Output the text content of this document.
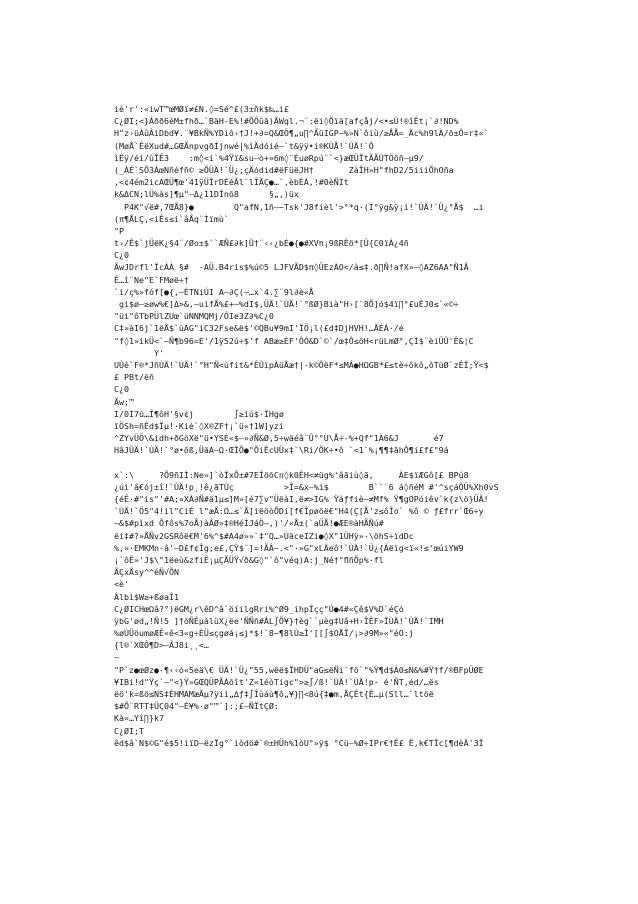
iè'r':«iwT™œMØï≠£N.◊=Sé^£(3±ñk$‰…i£
C¿ØI;<}Áðð6èM±fhð…`BäH-E%!#ÕÔûã)ÃWql.¬¨:ëi◊Õïä[afçåj/<•≤Ù!®îÊt¡`∂!ND%
H"z›üÀûÂiDbd¥.¨¥BkÑ%YDiô›†J!+∂=Q&ŒÔ¶„u∏^ÃüIGP–%»N`ôiù/≥ÅÅ=_Äc%h9lÀ/ō±Ô=r‡«`
(MøÅ`ÊëXud#…GŒÃnpvgðÍjnwé|%ìÄdóié–`t&ÿÿ•i®KÙÅ!`ÙÄ!`Ô
ìÊÿ/éi/ùÎÊ3    :m◊<i`%4Ÿï&su–ò+»6m◊¨ÈuøRpú¨`<}æŒÜÏtÃÃÚTÖöñ–µ9/
(_ÀÉ`SÕ3ÀœNñéfñ© ≥ÕÜÄ!`Ü¿;çÄódid#ëFüëJH†       ZàÎH»H"fhD2/5iiiÕhOña
,<¢4ém2icAŒÜ¶œ'41ÿÜÎrDÉéÃl¨lÎÃÇ●…¨,èbÉÁ,!#0èÑIt
k&ΔCN;lÜ%às]¶µ"–Δ¿11DÎnõ8      §„,)üx
P4K"√ë#,7ŒÅ8}●        Q"afN,1ñ–~Tsk'J8fièl'>°*q·(I°ÿg&ÿ¡i!`ÙÄ!`Ü¿°Å$  …i
(π¶ÅLÇ,<iÊs≤i`âÅq¨Ìïmù`
"P
t›/Ê$`jÜëK¿§4¨/Øo±$¨`ÆÑ£∂k]Û†¨‹‹¿bÉ●{●#XVπ¡9ßRÊö*[Ü{C0ïÀ¿4ñ
C¿0
ÃwJDrfl'ÏcÁÁ §#  -AÜ.B4ris$%ú©5 LJFVÃD$π◊ÜEzÀO</à≤‡.ð∏Ñ!afX»–◊AZ6AA"Ñ1Ã
Ê…î¨Ne"E`FMøë÷†
`i/ç%»fóf[●{,–ÈTNiÚI A–∂Ç(–…x`4.∑¨9l∂è«Å
gi$ø–≥øw%€]Δ>&,–uifÅ%£+–%dI$,ÜÄ!`ÙÄ!`°ßØ}Bià"H›[¨8Õ]ó$4ï∏°£uÊJ0≤`«©÷
"üi"ôTbPÜlZUœ`üNNMQMj/ÔIe3Z∂%C¿0
C‡»àI6j`1ëÅ$`ùAG"iC32Fse&ë$'©QBu¥9mI'ÏÖ¡l(£d‡DjHVH!…ÃÉÁ·/é
"f◊1»ikÜ<`~Ñ¶b96=E'/1ÿ52ú÷$'f ABæ≥ÈF'ÔÓ&D`©`/œ‡Ô≤öH<rüLmØ°,ÇÌ$¨èiÜÛ'Ê&¦C
Y'
UÙè`F®*JñÙÄ!`ÙÄ!`°H"Ñ<ùfit&*ÊÛïpÀüÅæ†|-k©ÔëF*≤MÂ●HΩGB*£≤tè÷ôkô„ôTùØ`zÊÏ;Ÿ<$
£ PBt/ëñ
C¿0
Ãw;™
I/0I7ú…Î¶ôH'§v¢j        ∫≥iú$·ÏHgø
ïÖSh=ñÊd$Ïµ!·Kiè`◊X®ZF†¡`ü«†1W]yzi
^ZYvÜÖ\&idh+ðGõXë"ü•YSÉ«$–»∂Ñ&Ø,5÷wäéâ¨Û°°Ù\Å÷-%+Qf"1À6&J       é7
HâJÜÄ!`ÙÄ!`°ø•ôß,ÜäA–Ω·ŒÏÕ●"ÕiÊcUÜx‡`\Ri/ÕK÷•ô `<1`%¡¶¶‡âhÔ¶i£f£"9á
x`:\     ?Õ9ñIÌ:Ne»]`òÏxÕ±#7EÎöõCn◊k0ÊH<≠üg%'âãiù◊ã,     ÀE$ïÆGô[£ BPú8
¿úi'â€ój±î!`ÙÄ!p¸!ê¿ãTÙç          >Î=&x–%i$        B``¨6 á◊ñéM #'^sçáÕÜ%Xh0vS
{éÊ·#"is"'#A;¤XÀ∂Ñ#ä1µ≤]M»[é7∑v"ÜëàI,ë≠>IG% Ÿàƒfiè—≠Mf% Ÿ¶gOPóiê∨`k{z\ö}ÜÄ!
`ÙÄ!`Ö5"4!il"CiÉ l"æÅ:Ω…≤`Ã]iëöòÕDi[f€Îpøöë€"H4(Ç[Å'z≤ôÎo` %ô © ƒ£frr`Œ6÷y
–&$#pìxd Õfôs%7oÅ)àÂØ»‡®HéÍJáÖ–,)'/«Å±(`aÜÅ!●ÆE®àHÃÑú#
ëi‡#?»ÅÑv2GSRôë€M'6%^$#A4ø»»`‡"Q…»ÙäceIZi●◊X"1ÜHÿ»·\öhS÷ïdDc
%,»·EMKMn-â'–D£f¢Îg;e£,ÇŸ$¨]=!ÃÂ~.<"·»G"xLÄeô!`ÙÄ!`Ü¿{Àëïg<ï«!≤'œúiYW9
¡`ôÊ»'J$\"1ëeù&zfiÊ¡µÇÃÜŸ√ð&G◊"`ô"véq)A:j_Né†"ﬂñÕp%·fl
ÃÇxÅsy^^éÑ√ÕN
<è'
Âlbi$W≥+ßøaÎ1
C¿ØICHœΩâ?°)ëGM¿r\êD^â`öíilgRri%^Ø9_ihpÏçç"Ú●4#«Çê$V%D`éÇó
ÿbG'ød„!Ñ!5 ]†õÑÊµàlüX¿ëe'ÑÑñ#ÂL∫Õ¥}†èg``µèg‡Uâ+H›ÎÊF»ÏÙÄ!`ÙÄ!`IMH
%øÙÜöumøÆÊ«ê<3«g÷ÈÜ≤çgøá¡≤j*$!`8~¶8lÙ≥Î'[[∫$OÅÏ/¡>∂9M»«"éO:j
{l®`XŒÔ¶D>–ÂJ8i¸¸<…
–
"P`z●œØz●·¶‹‹ó«5eä\€ ÜÄ!`Ü¿"55,wëë$ÏHDÜ"aG≤ëÑi¨fö`"%Ÿ¶d$À0≤N&%#Ÿ†f/®BFpÜØE
¥IBi!d"Ÿç`–"<}Ÿ»GŒQÜPÃÀõît'Z«1éòTigc">≥∫/ß!`ÙÄ!`ÙÄ!p· é'ÑT,éd/…ës
ëö'k=ßö≤NS‡ÈHMAMæÃµ?ÿii„∆ƒ‡∫Îùáù¶ô„¥}∏<8ú{‡●m,ÅÇÊt{Ê…µ(Sll…`ltöë
$#Õ¨RTT‡ÜÇ04"–É¥%·ø"™`]:;£–ÑÏtÇØ:
Kà»…Yî∏}k7
C¿ØI;T
êd$â`N$©G"é$5!iïD–ëzÏg°`iòdö#`®±HÜh%1òU°»ÿ$ °Cü–%Ø÷IPr€†Ê£ Ë,k€TÏc[¶dèÄ'3Ï
